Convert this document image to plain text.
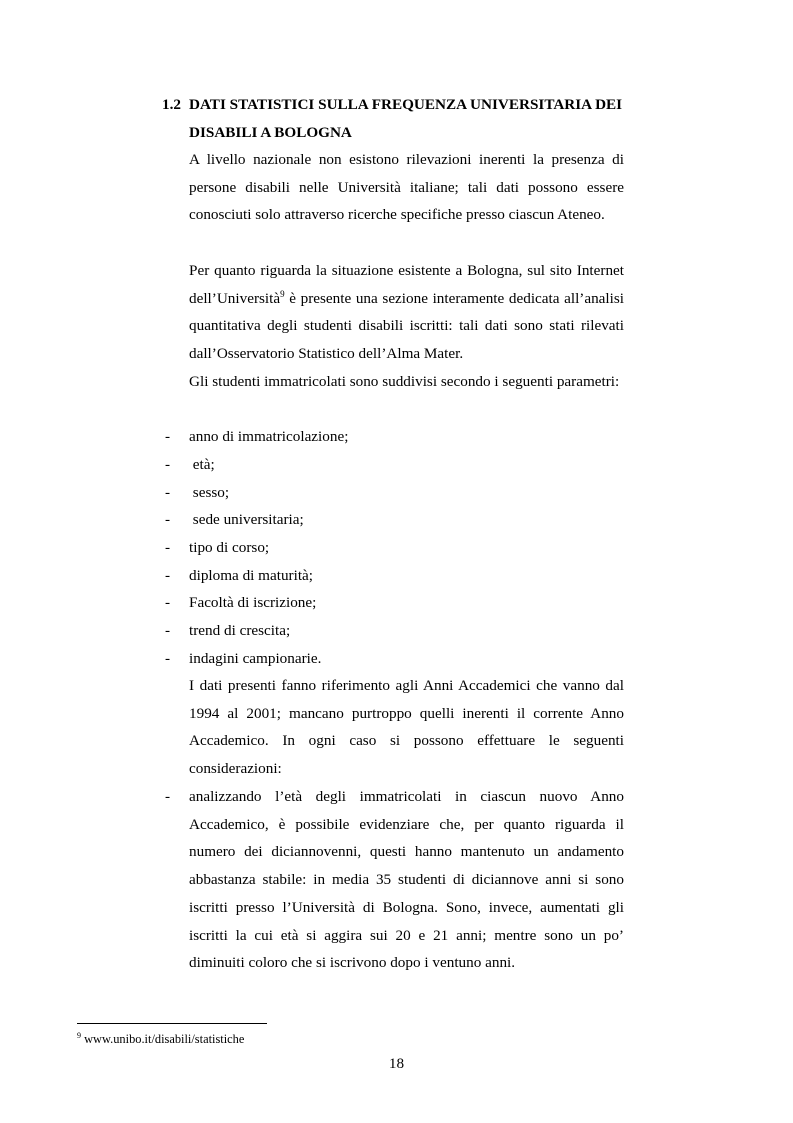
1.2 DATI STATISTICI SULLA FREQUENZA UNIVERSITARIA DEI DISABILI A BOLOGNA
A livello nazionale non esistono rilevazioni inerenti la presenza di persone disabili nelle Università italiane; tali dati possono essere conosciuti solo attraverso ricerche specifiche presso ciascun Ateneo.
Per quanto riguarda la situazione esistente a Bologna, sul sito Internet dell’Università$^9$ è presente una sezione interamente dedicata all’analisi quantitativa degli studenti disabili iscritti: tali dati sono stati rilevati dall’Osservatorio Statistico dell’Alma Mater.
Gli studenti immatricolati sono suddivisi secondo i seguenti parametri:
- anno di immatricolazione;
- età;
- sesso;
- sede universitaria;
- tipo di corso;
- diploma di maturità;
- Facoltà di iscrizione;
- trend di crescita;
- indagini campionarie.
I dati presenti fanno riferimento agli Anni Accademici che vanno dal 1994 al 2001; mancano purtroppo quelli inerenti il corrente Anno Accademico. In ogni caso si possono effettuare le seguenti considerazioni:
- analizzando l’età degli immatricolati in ciascun nuovo Anno Accademico, è possibile evidenziare che, per quanto riguarda il numero dei diciannovenni, questi hanno mantenuto un andamento abbastanza stabile: in media 35 studenti di diciannove anni si sono iscritti presso l’Università di Bologna. Sono, invece, aumentati gli iscritti la cui età si aggira sui 20 e 21 anni; mentre sono un po’ diminuiti coloro che si iscrivono dopo i ventuno anni.
$^9$ www.unibo.it/disabili/statistiche
18
